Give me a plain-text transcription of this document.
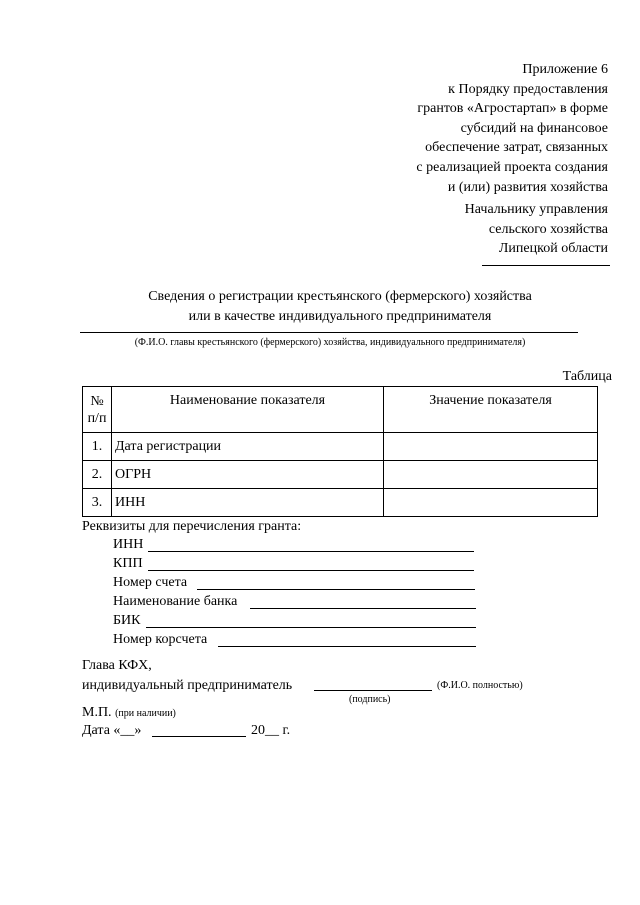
Приложение 6
к Порядку предоставления
грантов «Агростартап» в форме
субсидий на финансовое
обеспечение затрат, связанных
с реализацией проекта создания
и (или) развития хозяйства
Начальнику управления
сельского хозяйства
Липецкой области
Сведения о регистрации крестьянского (фермерского) хозяйства
или в качестве индивидуального предпринимателя
(Ф.И.О. главы крестьянского (фермерского) хозяйства, индивидуального предпринимателя)
Таблица
№ п/п	Наименование показателя	Значение показателя
1.	Дата регистрации	
2.	ОГРН	
3.	ИНН	
Реквизиты для перечисления гранта:
ИНН
КПП
Номер счета
Наименование банка
БИК
Номер корсчета
Глава КФХ,
индивидуальный предприниматель	(Ф.И.О. полностью)
(подпись)
М.П. (при наличии)
Дата «__»	20__ г.
